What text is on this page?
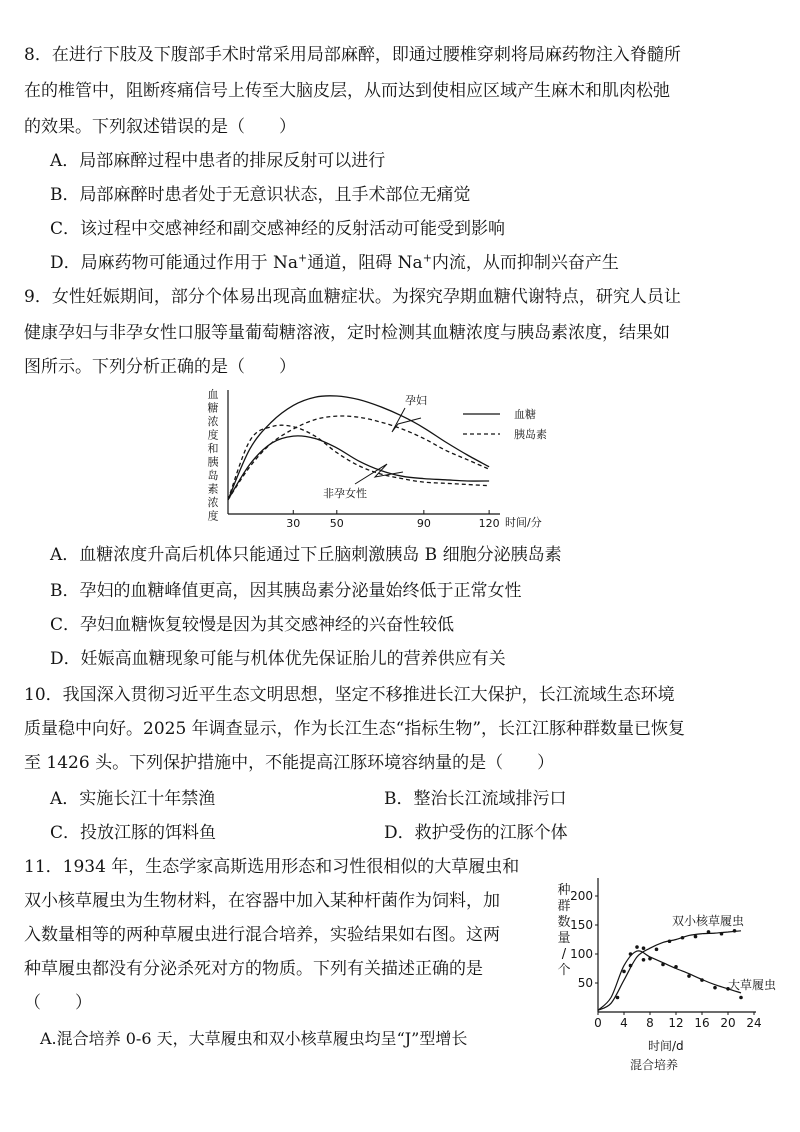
8．在进行下肢及下腹部手术时常采用局部麻醉，即通过腰椎穿刺将局麻药物注入脊髓所
在的椎管中，阻断疼痛信号上传至大脑皮层，从而达到使相应区域产生麻木和肌肉松弛
的效果。下列叙述错误的是（　　）
A．局部麻醉过程中患者的排尿反射可以进行
B．局部麻醉时患者处于无意识状态，且手术部位无痛觉
C．该过程中交感神经和副交感神经的反射活动可能受到影响
D．局麻药物可能通过作用于 Na+通道，阻碍 Na+内流，从而抑制兴奋产生
9．女性妊娠期间，部分个体易出现高血糖症状。为探究孕期血糖代谢特点，研究人员让
健康孕妇与非孕女性口服等量葡萄糖溶液，定时检测其血糖浓度与胰岛素浓度，结果如
图所示。下列分析正确的是（　　）
血
糖
浓
度
和
胰
岛
素
浓
度
30	50	90	120 时间/分
血糖
胰岛素
孕妇
非孕女性
A．血糖浓度升高后机体只能通过下丘脑刺激胰岛 B 细胞分泌胰岛素
B．孕妇的血糖峰值更高，因其胰岛素分泌量始终低于正常女性
C．孕妇血糖恢复较慢是因为其交感神经的兴奋性较低
D．妊娠高血糖现象可能与机体优先保证胎儿的营养供应有关
10．我国深入贯彻习近平生态文明思想，坚定不移推进长江大保护，长江流域生态环境
质量稳中向好。2025 年调查显示，作为长江生态“指标生物”，长江江豚种群数量已恢复
至 1426 头。下列保护措施中，不能提高江豚环境容纳量的是（　　）
A．实施长江十年禁渔	B．整治长江流域排污口
C．投放江豚的饵料鱼	D．救护受伤的江豚个体
11．1934 年，生态学家高斯选用形态和习性很相似的大草履虫和
双小核草履虫为生物材料，在容器中加入某种杆菌作为饲料，加
入数量相等的两种草履虫进行混合培养，实验结果如右图。这两
种草履虫都没有分泌杀死对方的物质。下列有关描述正确的是
（　　）
A.混合培养 0-6 天，大草履虫和双小核草履虫均呈“J”型增长
种
群
数
量
/
个
0 4 8 12 16 20 24
50
100
150
200
双小核草履虫
大草履虫
时间/d
混合培养
